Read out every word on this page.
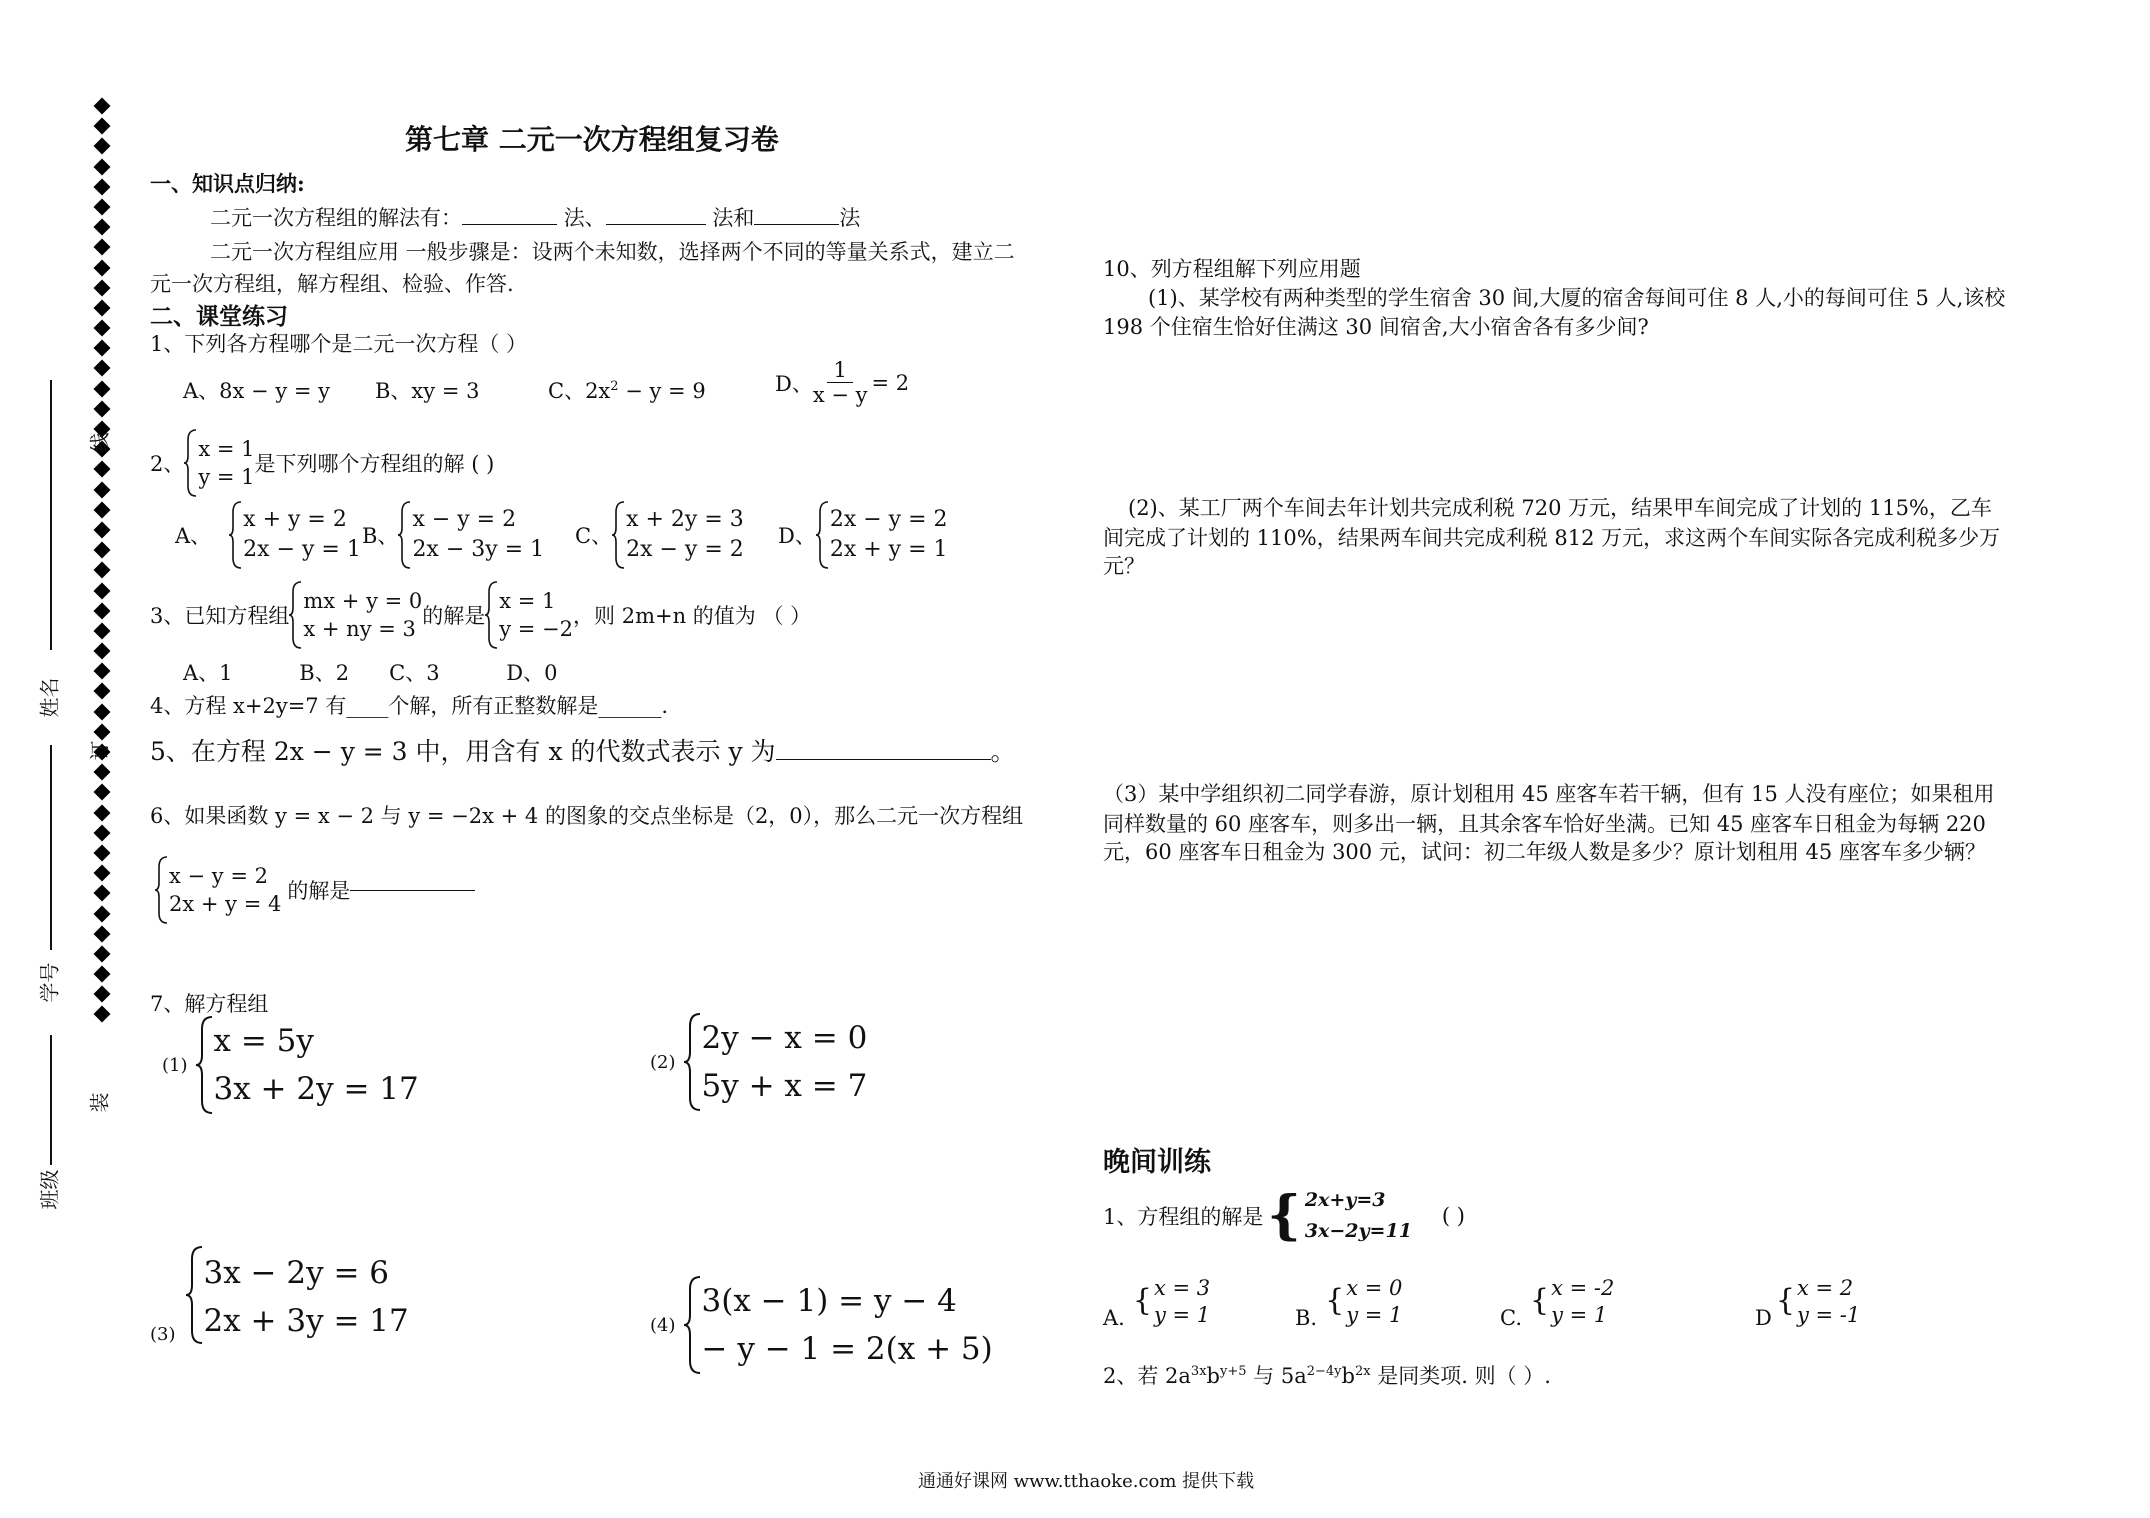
线
订
装
姓名
学号
班级
第七章 二元一次方程组复习卷
一、知识点归纳:
二元一次方程组的解法有：	法、	法和	法
二元一次方程组应用 一般步骤是：设两个未知数，选择两个不同的等量关系式，建立二
元一次方程组，解方程组、检验、作答.
二、课堂练习
1、下列各方程哪个是二元一次方程（ ）
A、8x − y = y B、xy = 3	C、$2x^2 - y = 9$	D、 $\frac{1}{x - y} = 2$
2、
x = 1
y = 1
是下列哪个方程组的解 ( )
A、
x + y = 2
2x − y = 1
B、
x − y = 2
2x − 3y = 1
C、
x + 2y = 3
2x − y = 2
D、
2x − y = 2
2x + y = 1
3、已知方程组
mx + y = 0
x + ny = 3
的解是
x = 1
y = −2
，则 2m+n 的值为 （ ）
A、1          B、2      C、3          D、0
4、方程 x+2y=7 有____个解，所有正整数解是______.
5、在方程 2x − y = 3 中，用含有 x 的代数式表示 y 为	。
6、如果函数 y = x − 2 与 y = −2x + 4 的图象的交点坐标是（2，0），那么二元一次方程组
x − y = 2
2x + y = 4
的解是
7、解方程组
(1)
x = 5y
3x + 2y = 17
(2)
2y − x = 0
5y + x = 7
(3)
3x − 2y = 6
2x + 3y = 17	(4)
3(x − 1) = y − 4
− y − 1 = 2(x + 5)
10、列方程组解下列应用题
(1)、某学校有两种类型的学生宿舍 30 间,大厦的宿舍每间可住 8 人,小的每间可住 5 人,该校
198 个住宿生恰好住满这 30 间宿舍,大小宿舍各有多少间?
(2)、某工厂两个车间去年计划共完成利税 720 万元，结果甲车间完成了计划的 115%，乙车
间完成了计划的 110%，结果两车间共完成利税 812 万元，求这两个车间实际各完成利税多少万
元？
（3）某中学组织初二同学春游，原计划租用 45 座客车若干辆，但有 15 人没有座位；如果租用
同样数量的 60 座客车，则多出一辆，且其余客车恰好坐满。已知 45 座客车日租金为每辆 220
元，60 座客车日租金为 300 元，试问：初二年级人数是多少？原计划租用 45 座客车多少辆？
晚间训练
1、方程组的解是 { 2x+y=3
3x−2y=11
( )
A. { x = 3
y = 1	B. { x = 0
y = 1	C. { x = -2
y = 1	D { x = 2
y = -1
2、若 $2a^{3x}b^{y+5}$ 与 $5a^{2-4y}b^{2x}$ 是同类项. 则（ ）.
通通好课网 www.tthaoke.com 提供下载
